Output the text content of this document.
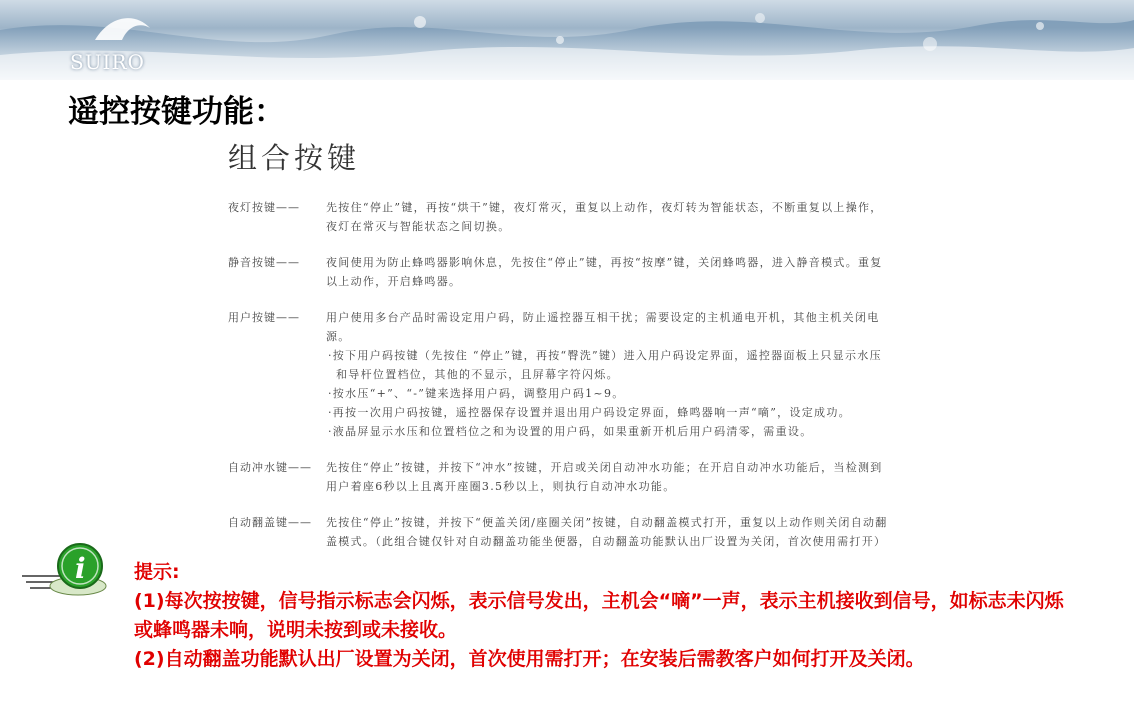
SUIRO
遥控按键功能：
组合按键
夜灯按键——	先按住“停止”键，再按“烘干”键，夜灯常灭，重复以上动作，夜灯转为智能状态，不断重复以上操作，夜灯在常灭与智能状态之间切换。
静音按键——	夜间使用为防止蜂鸣器影响休息，先按住“停止”键，再按“按摩”键，关闭蜂鸣器，进入静音模式。重复以上动作，开启蜂鸣器。
用户按键——	用户使用多台产品时需设定用户码，防止遥控器互相干扰；需要设定的主机通电开机，其他主机关闭电源。
·按下用户码按键（先按住 “停止”键，再按“臀洗”键）进入用户码设定界面，遥控器面板上只显示水压和导杆位置档位，其他的不显示，且屏幕字符闪烁。
·按水压“+”、“-”键来选择用户码，调整用户码1~9。
·再按一次用户码按键，遥控器保存设置并退出用户码设定界面，蜂鸣器响一声“嘀”，设定成功。
·液晶屏显示水压和位置档位之和为设置的用户码，如果重新开机后用户码清零，需重设。
自动冲水键——	先按住“停止”按键，并按下“冲水”按键，开启或关闭自动冲水功能；在开启自动冲水功能后，当检测到用户着座6秒以上且离开座圈3.5秒以上，则执行自动冲水功能。
自动翻盖键——	先按住“停止”按键，并按下“便盖关闭/座圈关闭”按键，自动翻盖模式打开，重复以上动作则关闭自动翻盖模式。（此组合键仅针对自动翻盖功能坐便器，自动翻盖功能默认出厂设置为关闭，首次使用需打开）
i	提示:
(1)每次按按键，信号指示标志会闪烁，表示信号发出，主机会“嘀”一声，表示主机接收到信号，如标志未闪烁或蜂鸣器未响，说明未按到或未接收。
(2)自动翻盖功能默认出厂设置为关闭，首次使用需打开；在安装后需教客户如何打开及关闭。
